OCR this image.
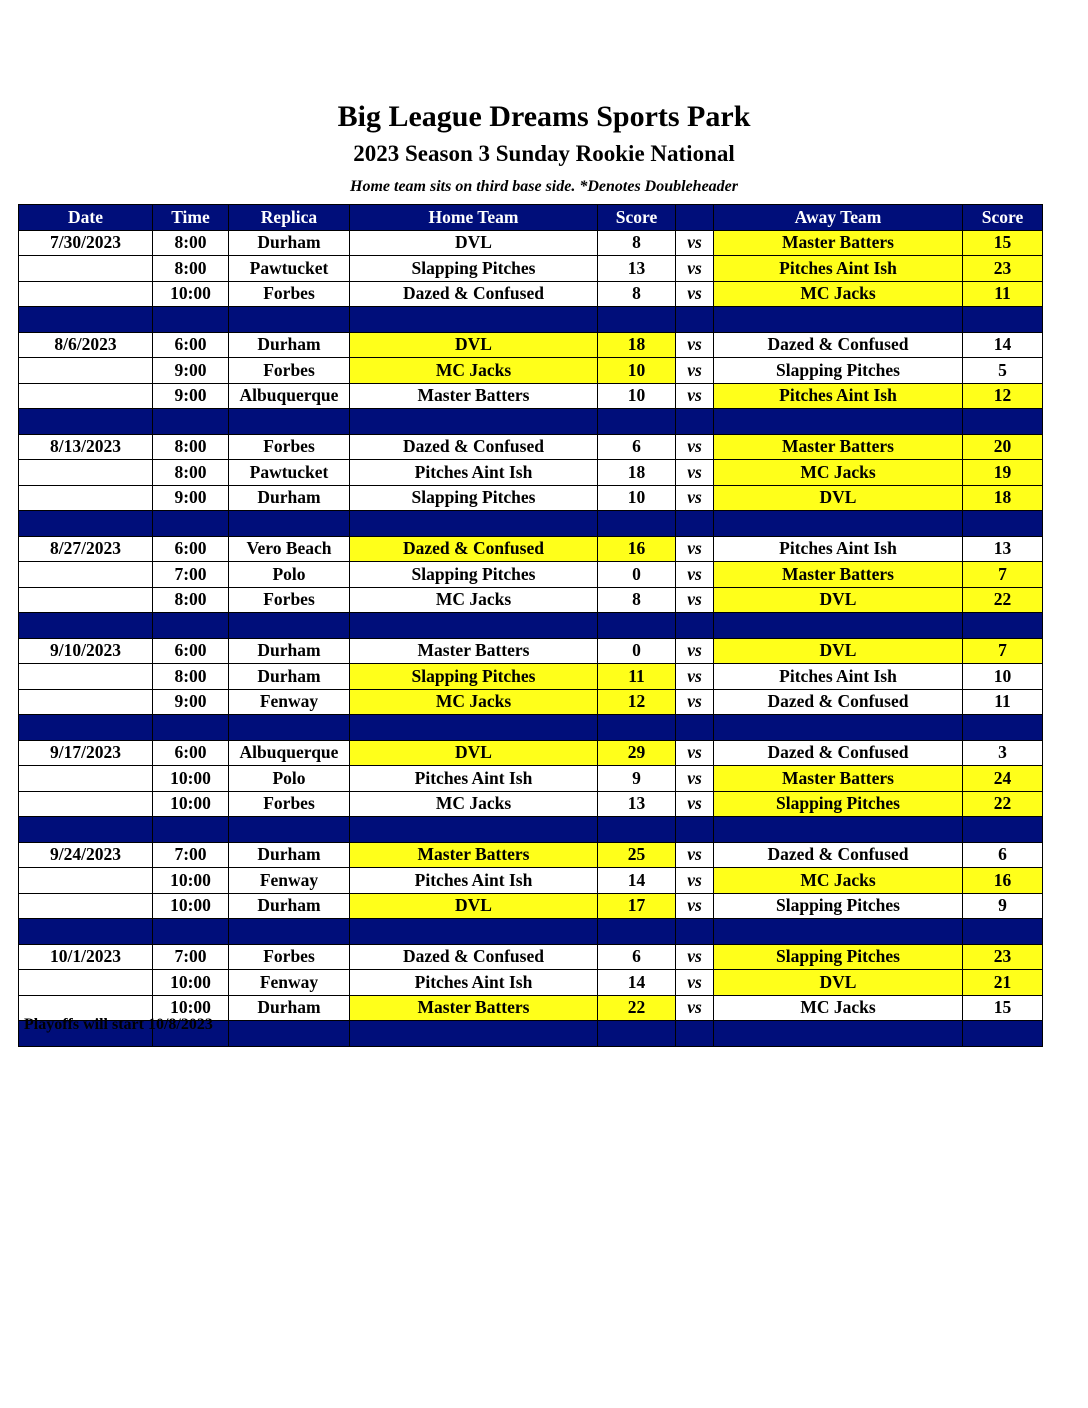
Big League Dreams Sports Park
2023 Season 3 Sunday Rookie National
Home team sits on third base side. *Denotes Doubleheader
Date	Time	Replica	Home Team	Score		Away Team	Score
7/30/2023	8:00	Durham	DVL	8	vs	Master Batters	15
	8:00	Pawtucket	Slapping Pitches	13	vs	Pitches Aint Ish	23
	10:00	Forbes	Dazed & Confused	8	vs	MC Jacks	11

8/6/2023	6:00	Durham	DVL	18	vs	Dazed & Confused	14
	9:00	Forbes	MC Jacks	10	vs	Slapping Pitches	5
	9:00	Albuquerque	Master Batters	10	vs	Pitches Aint Ish	12

8/13/2023	8:00	Forbes	Dazed & Confused	6	vs	Master Batters	20
	8:00	Pawtucket	Pitches Aint Ish	18	vs	MC Jacks	19
	9:00	Durham	Slapping Pitches	10	vs	DVL	18

8/27/2023	6:00	Vero Beach	Dazed & Confused	16	vs	Pitches Aint Ish	13
	7:00	Polo	Slapping Pitches	0	vs	Master Batters	7
	8:00	Forbes	MC Jacks	8	vs	DVL	22

9/10/2023	6:00	Durham	Master Batters	0	vs	DVL	7
	8:00	Durham	Slapping Pitches	11	vs	Pitches Aint Ish	10
	9:00	Fenway	MC Jacks	12	vs	Dazed & Confused	11

9/17/2023	6:00	Albuquerque	DVL	29	vs	Dazed & Confused	3
	10:00	Polo	Pitches Aint Ish	9	vs	Master Batters	24
	10:00	Forbes	MC Jacks	13	vs	Slapping Pitches	22

9/24/2023	7:00	Durham	Master Batters	25	vs	Dazed & Confused	6
	10:00	Fenway	Pitches Aint Ish	14	vs	MC Jacks	16
	10:00	Durham	DVL	17	vs	Slapping Pitches	9

10/1/2023	7:00	Forbes	Dazed & Confused	6	vs	Slapping Pitches	23
	10:00	Fenway	Pitches Aint Ish	14	vs	DVL	21
	10:00	Durham	Master Batters	22	vs	MC Jacks	15

Playoffs will start 10/8/2023
